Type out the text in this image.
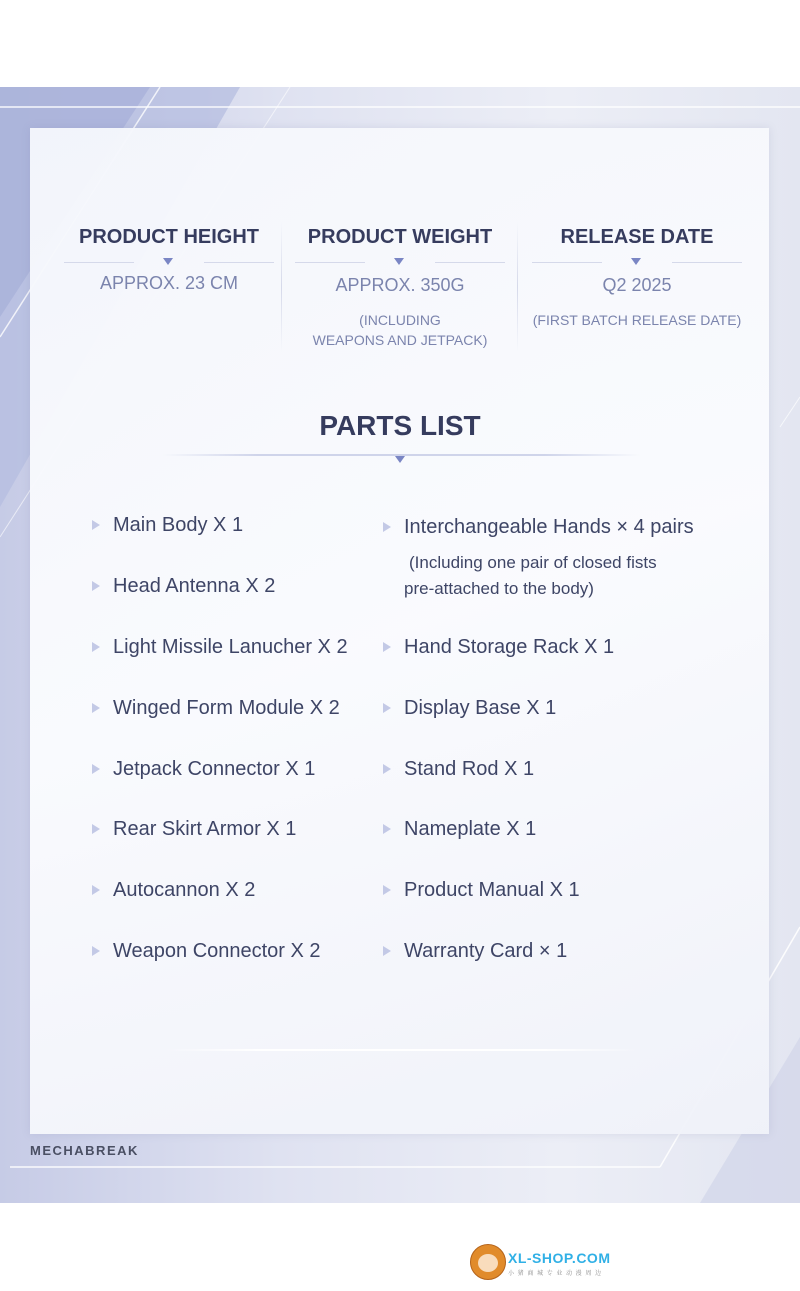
PRODUCT HEIGHT
APPROX. 23 CM
PRODUCT WEIGHT
APPROX. 350G
(INCLUDING
WEAPONS AND JETPACK)
RELEASE DATE
Q2 2025
(FIRST BATCH RELEASE DATE)
PARTS LIST
Main Body X 1
Head Antenna X 2
Light Missile Lanucher X 2
Winged Form Module X 2
Jetpack Connector X 1
Rear Skirt Armor X 1
Autocannon X 2
Weapon Connector X 2
Interchangeable Hands × 4 pairs
(Including one pair of closed fists
pre-attached to the body)
Hand Storage Rack X 1
Display Base X 1
Stand Rod X 1
Nameplate X 1
Product Manual X 1
Warranty Card × 1
MECHABREAK
XL-SHOP.COM
小 猪 商 城 专 业 动 漫 周 边
